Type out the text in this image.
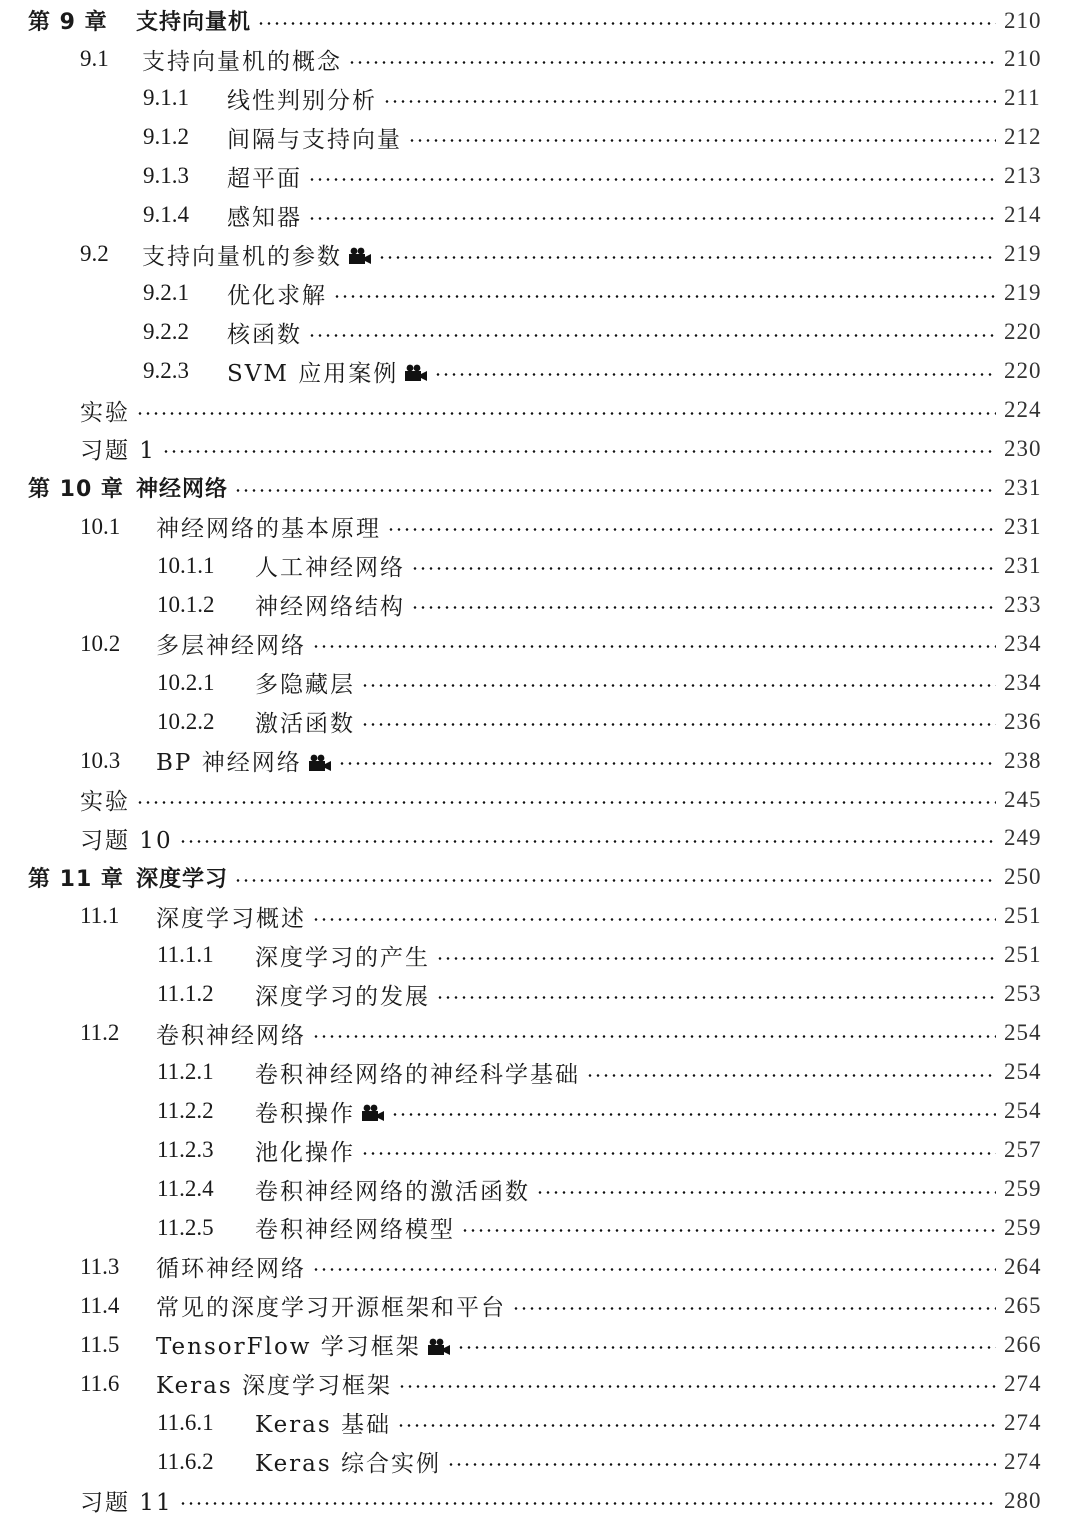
第 9 章	支持向量机	210
9.1	支持向量机的概念	210
9.1.1	线性判别分析	211
9.1.2	间隔与支持向量	212
9.1.3	超平面	213
9.1.4	感知器	214
9.2	支持向量机的参数	219
9.2.1	优化求解	219
9.2.2	核函数	220
9.2.3	SVM 应用案例	220
实验	224
习题 1	230
第 10 章 神经网络	231
10.1	神经网络的基本原理	231
10.1.1	人工神经网络	231
10.1.2	神经网络结构	233
10.2	多层神经网络	234
10.2.1	多隐藏层	234
10.2.2	激活函数	236
10.3	BP 神经网络	238
实验	245
习题 10	249
第 11 章 深度学习	250
11.1	深度学习概述	251
11.1.1	深度学习的产生	251
11.1.2	深度学习的发展	253
11.2	卷积神经网络	254
11.2.1	卷积神经网络的神经科学基础	254
11.2.2	卷积操作	254
11.2.3	池化操作	257
11.2.4	卷积神经网络的激活函数	259
11.2.5	卷积神经网络模型	259
11.3	循环神经网络	264
11.4	常见的深度学习开源框架和平台	265
11.5	TensorFlow 学习框架	266
11.6	Keras 深度学习框架	274
11.6.1	Keras 基础	274
11.6.2	Keras 综合实例	274
习题 11	280
